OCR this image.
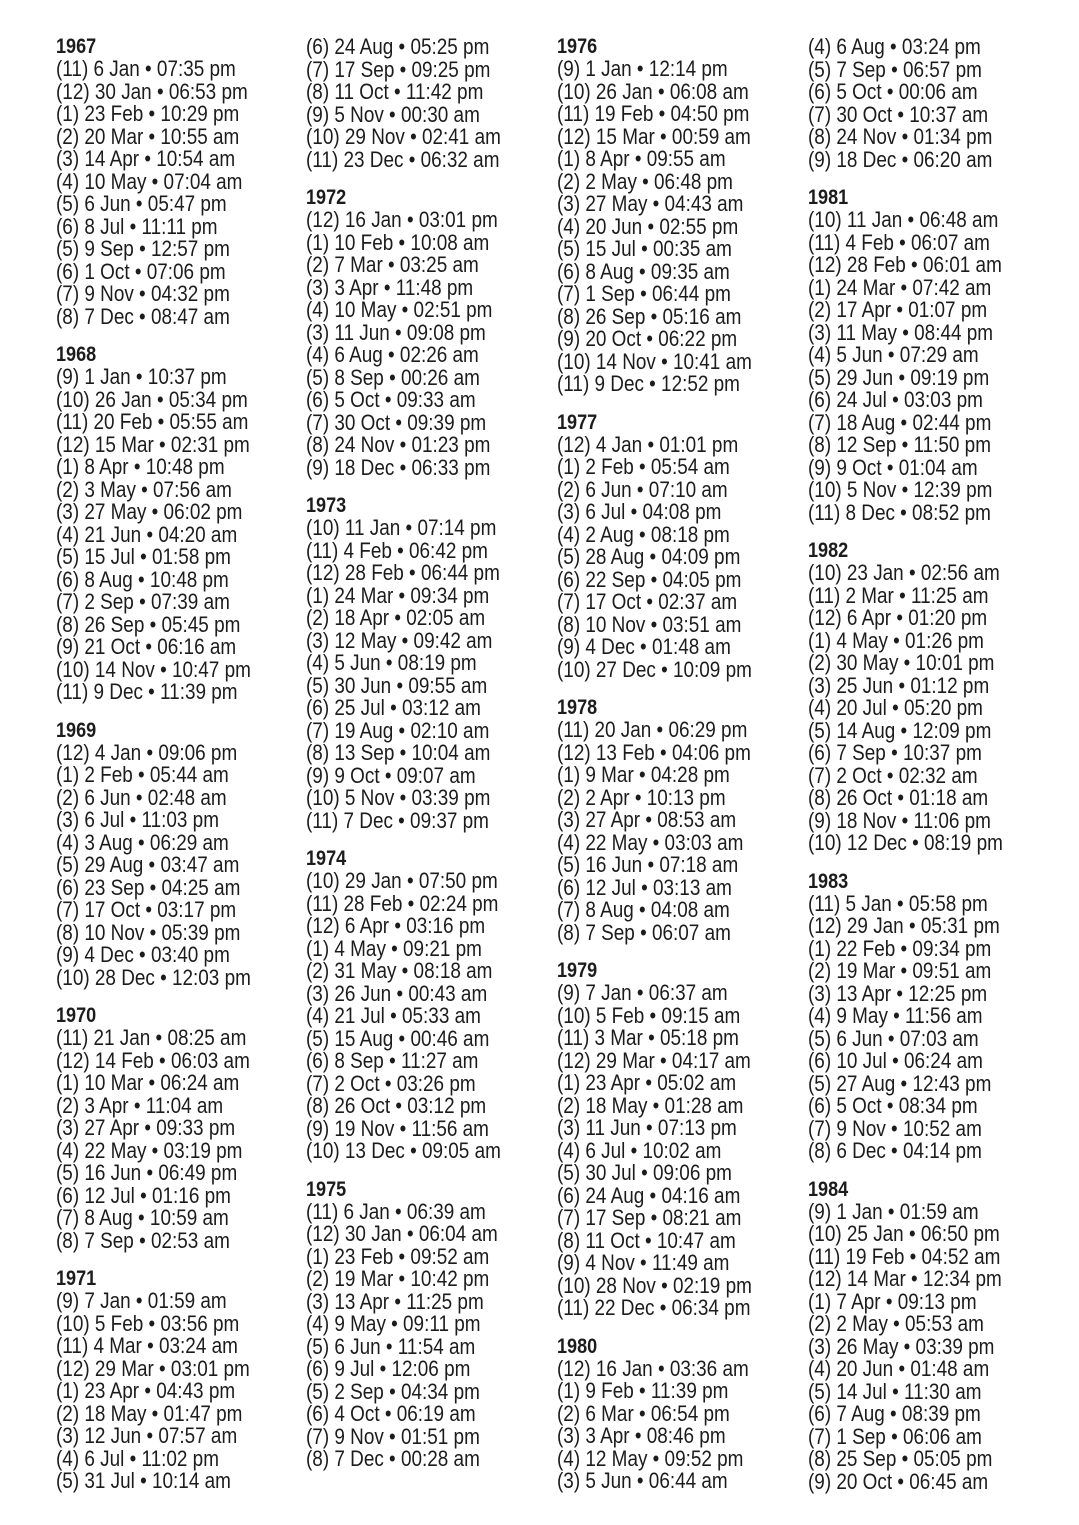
1967
(11) 6 Jan • 07:35 pm
(12) 30 Jan • 06:53 pm
(1) 23 Feb • 10:29 pm
(2) 20 Mar • 10:55 am
(3) 14 Apr • 10:54 am
(4) 10 May • 07:04 am
(5) 6 Jun • 05:47 pm
(6) 8 Jul • 11:11 pm
(5) 9 Sep • 12:57 pm
(6) 1 Oct • 07:06 pm
(7) 9 Nov • 04:32 pm
(8) 7 Dec • 08:47 am
1968
(9) 1 Jan • 10:37 pm
(10) 26 Jan • 05:34 pm
(11) 20 Feb • 05:55 am
(12) 15 Mar • 02:31 pm
(1) 8 Apr • 10:48 pm
(2) 3 May • 07:56 am
(3) 27 May • 06:02 pm
(4) 21 Jun • 04:20 am
(5) 15 Jul • 01:58 pm
(6) 8 Aug • 10:48 pm
(7) 2 Sep • 07:39 am
(8) 26 Sep • 05:45 pm
(9) 21 Oct • 06:16 am
(10) 14 Nov • 10:47 pm
(11) 9 Dec • 11:39 pm
1969
(12) 4 Jan • 09:06 pm
(1) 2 Feb • 05:44 am
(2) 6 Jun • 02:48 am
(3) 6 Jul • 11:03 pm
(4) 3 Aug • 06:29 am
(5) 29 Aug • 03:47 am
(6) 23 Sep • 04:25 am
(7) 17 Oct • 03:17 pm
(8) 10 Nov • 05:39 pm
(9) 4 Dec • 03:40 pm
(10) 28 Dec • 12:03 pm
1970
(11) 21 Jan • 08:25 am
(12) 14 Feb • 06:03 am
(1) 10 Mar • 06:24 am
(2) 3 Apr • 11:04 am
(3) 27 Apr • 09:33 pm
(4) 22 May • 03:19 pm
(5) 16 Jun • 06:49 pm
(6) 12 Jul • 01:16 pm
(7) 8 Aug • 10:59 am
(8) 7 Sep • 02:53 am
1971
(9) 7 Jan • 01:59 am
(10) 5 Feb • 03:56 pm
(11) 4 Mar • 03:24 am
(12) 29 Mar • 03:01 pm
(1) 23 Apr • 04:43 pm
(2) 18 May • 01:47 pm
(3) 12 Jun • 07:57 am
(4) 6 Jul • 11:02 pm
(5) 31 Jul • 10:14 am
(6) 24 Aug • 05:25 pm
(7) 17 Sep • 09:25 pm
(8) 11 Oct • 11:42 pm
(9) 5 Nov • 00:30 am
(10) 29 Nov • 02:41 am
(11) 23 Dec • 06:32 am
1972
(12) 16 Jan • 03:01 pm
(1) 10 Feb • 10:08 am
(2) 7 Mar • 03:25 am
(3) 3 Apr • 11:48 pm
(4) 10 May • 02:51 pm
(3) 11 Jun • 09:08 pm
(4) 6 Aug • 02:26 am
(5) 8 Sep • 00:26 am
(6) 5 Oct • 09:33 am
(7) 30 Oct • 09:39 pm
(8) 24 Nov • 01:23 pm
(9) 18 Dec • 06:33 pm
1973
(10) 11 Jan • 07:14 pm
(11) 4 Feb • 06:42 pm
(12) 28 Feb • 06:44 pm
(1) 24 Mar • 09:34 pm
(2) 18 Apr • 02:05 am
(3) 12 May • 09:42 am
(4) 5 Jun • 08:19 pm
(5) 30 Jun • 09:55 am
(6) 25 Jul • 03:12 am
(7) 19 Aug • 02:10 am
(8) 13 Sep • 10:04 am
(9) 9 Oct • 09:07 am
(10) 5 Nov • 03:39 pm
(11) 7 Dec • 09:37 pm
1974
(10) 29 Jan • 07:50 pm
(11) 28 Feb • 02:24 pm
(12) 6 Apr • 03:16 pm
(1) 4 May • 09:21 pm
(2) 31 May • 08:18 am
(3) 26 Jun • 00:43 am
(4) 21 Jul • 05:33 am
(5) 15 Aug • 00:46 am
(6) 8 Sep • 11:27 am
(7) 2 Oct • 03:26 pm
(8) 26 Oct • 03:12 pm
(9) 19 Nov • 11:56 am
(10) 13 Dec • 09:05 am
1975
(11) 6 Jan • 06:39 am
(12) 30 Jan • 06:04 am
(1) 23 Feb • 09:52 am
(2) 19 Mar • 10:42 pm
(3) 13 Apr • 11:25 pm
(4) 9 May • 09:11 pm
(5) 6 Jun • 11:54 am
(6) 9 Jul • 12:06 pm
(5) 2 Sep • 04:34 pm
(6) 4 Oct • 06:19 am
(7) 9 Nov • 01:51 pm
(8) 7 Dec • 00:28 am
1976
(9) 1 Jan • 12:14 pm
(10) 26 Jan • 06:08 am
(11) 19 Feb • 04:50 pm
(12) 15 Mar • 00:59 am
(1) 8 Apr • 09:55 am
(2) 2 May • 06:48 pm
(3) 27 May • 04:43 am
(4) 20 Jun • 02:55 pm
(5) 15 Jul • 00:35 am
(6) 8 Aug • 09:35 am
(7) 1 Sep • 06:44 pm
(8) 26 Sep • 05:16 am
(9) 20 Oct • 06:22 pm
(10) 14 Nov • 10:41 am
(11) 9 Dec • 12:52 pm
1977
(12) 4 Jan • 01:01 pm
(1) 2 Feb • 05:54 am
(2) 6 Jun • 07:10 am
(3) 6 Jul • 04:08 pm
(4) 2 Aug • 08:18 pm
(5) 28 Aug • 04:09 pm
(6) 22 Sep • 04:05 pm
(7) 17 Oct • 02:37 am
(8) 10 Nov • 03:51 am
(9) 4 Dec • 01:48 am
(10) 27 Dec • 10:09 pm
1978
(11) 20 Jan • 06:29 pm
(12) 13 Feb • 04:06 pm
(1) 9 Mar • 04:28 pm
(2) 2 Apr • 10:13 pm
(3) 27 Apr • 08:53 am
(4) 22 May • 03:03 am
(5) 16 Jun • 07:18 am
(6) 12 Jul • 03:13 am
(7) 8 Aug • 04:08 am
(8) 7 Sep • 06:07 am
1979
(9) 7 Jan • 06:37 am
(10) 5 Feb • 09:15 am
(11) 3 Mar • 05:18 pm
(12) 29 Mar • 04:17 am
(1) 23 Apr • 05:02 am
(2) 18 May • 01:28 am
(3) 11 Jun • 07:13 pm
(4) 6 Jul • 10:02 am
(5) 30 Jul • 09:06 pm
(6) 24 Aug • 04:16 am
(7) 17 Sep • 08:21 am
(8) 11 Oct • 10:47 am
(9) 4 Nov • 11:49 am
(10) 28 Nov • 02:19 pm
(11) 22 Dec • 06:34 pm
1980
(12) 16 Jan • 03:36 am
(1) 9 Feb • 11:39 pm
(2) 6 Mar • 06:54 pm
(3) 3 Apr • 08:46 pm
(4) 12 May • 09:52 pm
(3) 5 Jun • 06:44 am
(4) 6 Aug • 03:24 pm
(5) 7 Sep • 06:57 pm
(6) 5 Oct • 00:06 am
(7) 30 Oct • 10:37 am
(8) 24 Nov • 01:34 pm
(9) 18 Dec • 06:20 am
1981
(10) 11 Jan • 06:48 am
(11) 4 Feb • 06:07 am
(12) 28 Feb • 06:01 am
(1) 24 Mar • 07:42 am
(2) 17 Apr • 01:07 pm
(3) 11 May • 08:44 pm
(4) 5 Jun • 07:29 am
(5) 29 Jun • 09:19 pm
(6) 24 Jul • 03:03 pm
(7) 18 Aug • 02:44 pm
(8) 12 Sep • 11:50 pm
(9) 9 Oct • 01:04 am
(10) 5 Nov • 12:39 pm
(11) 8 Dec • 08:52 pm
1982
(10) 23 Jan • 02:56 am
(11) 2 Mar • 11:25 am
(12) 6 Apr • 01:20 pm
(1) 4 May • 01:26 pm
(2) 30 May • 10:01 pm
(3) 25 Jun • 01:12 pm
(4) 20 Jul • 05:20 pm
(5) 14 Aug • 12:09 pm
(6) 7 Sep • 10:37 pm
(7) 2 Oct • 02:32 am
(8) 26 Oct • 01:18 am
(9) 18 Nov • 11:06 pm
(10) 12 Dec • 08:19 pm
1983
(11) 5 Jan • 05:58 pm
(12) 29 Jan • 05:31 pm
(1) 22 Feb • 09:34 pm
(2) 19 Mar • 09:51 am
(3) 13 Apr • 12:25 pm
(4) 9 May • 11:56 am
(5) 6 Jun • 07:03 am
(6) 10 Jul • 06:24 am
(5) 27 Aug • 12:43 pm
(6) 5 Oct • 08:34 pm
(7) 9 Nov • 10:52 am
(8) 6 Dec • 04:14 pm
1984
(9) 1 Jan • 01:59 am
(10) 25 Jan • 06:50 pm
(11) 19 Feb • 04:52 am
(12) 14 Mar • 12:34 pm
(1) 7 Apr • 09:13 pm
(2) 2 May • 05:53 am
(3) 26 May • 03:39 pm
(4) 20 Jun • 01:48 am
(5) 14 Jul • 11:30 am
(6) 7 Aug • 08:39 pm
(7) 1 Sep • 06:06 am
(8) 25 Sep • 05:05 pm
(9) 20 Oct • 06:45 am
